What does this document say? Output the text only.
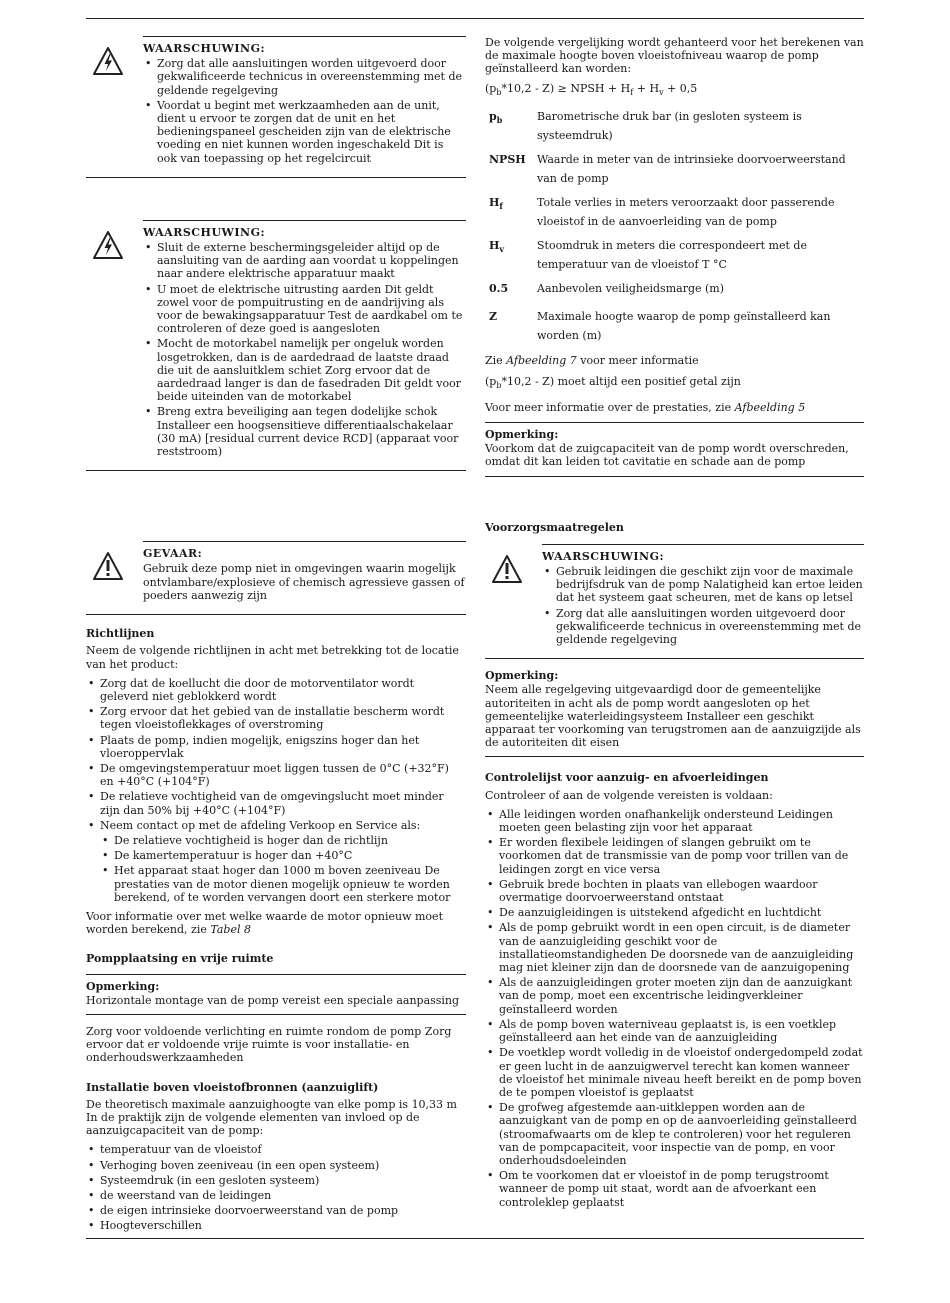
WAARSCHUWING:
• Zorg dat alle aansluitingen worden uitgevoerd door gekwalificeerde technicus in overeenstemming met de geldende regelgeving
• Voordat u begint met werkzaamheden aan de unit, dient u ervoor te zorgen dat de unit en het bedieningspaneel gescheiden zijn van de elektrische voeding en niet kunnen worden ingeschakeld Dit is ook van toepassing op het regelcircuit
WAARSCHUWING:
• Sluit de externe beschermingsgeleider altijd op de aansluiting van de aarding aan voordat u koppelingen naar andere elektrische apparatuur maakt
• U moet de elektrische uitrusting aarden Dit geldt zowel voor de pompuitrusting en de aandrijving als voor de bewakingsapparatuur Test de aardkabel om te controleren of deze goed is aangesloten
• Mocht de motorkabel namelijk per ongeluk worden losgetrokken, dan is de aardedraad de laatste draad die uit de aansluitklem schiet Zorg ervoor dat de aardedraad langer is dan de fasedraden Dit geldt voor beide uiteinden van de motorkabel
• Breng extra beveiliging aan tegen dodelijke schok Installeer een hoogsensitieve differentiaalschakelaar (30 mA) [residual current device RCD] (apparaat voor reststroom)
GEVAAR:

Gebruik deze pomp niet in omgevingen waarin mogelijk ontvlambare/explosieve of chemisch agressieve gassen of poeders aanwezig zijn

Richtlijnen

Neem de volgende richtlijnen in acht met betrekking tot de locatie van het product:

• Zorg dat de koellucht die door de motorventilator wordt geleverd niet geblokkerd wordt
• Zorg ervoor dat het gebied van de installatie bescherm wordt tegen vloeistoflekkages of overstroming
• Plaats de pomp, indien mogelijk, enigszins hoger dan het vloeroppervlak
• De omgevingstemperatuur moet liggen tussen de 0°C (+32°F) en +40°C (+104°F)
• De relatieve vochtigheid van de omgevingslucht moet minder zijn dan 50% bij +40°C (+104°F)
• Neem contact op met de afdeling Verkoop en Service als:
• De relatieve vochtigheid is hoger dan de richtlijn
• De kamertemperatuur is hoger dan +40°C
• Het apparaat staat hoger dan 1000 m boven zeeniveau De prestaties van de motor dienen mogelijk opnieuw te worden berekend, of te worden vervangen doort een sterkere motor

Voor informatie over met welke waarde de motor opnieuw moet worden berekend, zie Tabel 8

Pompplaatsing en vrije ruimte
Opmerking:
Horizontale montage van de pomp vereist een speciale aanpassing

Zorg voor voldoende verlichting en ruimte rondom de pomp Zorg ervoor dat er voldoende vrije ruimte is voor installatie- en onderhoudswerkzaamheden

Installatie boven vloeistofbronnen (aanzuiglift)

De theoretisch maximale aanzuighoogte van elke pomp is 10,33 m In de praktijk zijn de volgende elementen van invloed op de aanzuigcapaciteit van de pomp:

• temperatuur van de vloeistof
• Verhoging boven zeeniveau (in een open systeem)
• Systeemdruk (in een gesloten systeem)
• de weerstand van de leidingen
• de eigen intrinsieke doorvoerweerstand van de pomp
• Hoogteverschillen

De volgende vergelijking wordt gehanteerd voor het berekenen van de maximale hoogte boven vloeistofniveau waarop de pomp geïnstalleerd kan worden:

$(p_b*10,2 - Z)$ ≥ NPSH + $H_f + H_v + 0,5$

$p_b$	Barometrische druk bar (in gesloten systeem is systeemdruk)
NPSH	Waarde in meter van de intrinsieke doorvoerweerstand van de pomp
$H_f$	Totale verlies in meters veroorzaakt door passerende vloeistof in de aanvoerleiding van de pomp
$H_v$	Stoomdruk in meters die correspondeert met de temperatuur van de vloeistof T °C
0.5	Aanbevolen veiligheidsmarge (m)
Z	Maximale hoogte waarop de pomp geïnstalleerd kan worden (m)

Zie Afbeelding 7 voor meer informatie

$(p_b*10,2 - Z)$ moet altijd een positief getal zijn

Voor meer informatie over de prestaties, zie Afbeelding 5

Opmerking:
Voorkom dat de zuigcapaciteit van de pomp wordt overschreden, omdat dit kan leiden tot cavitatie en schade aan de pomp
Voorzorgsmaatregelen
WAARSCHUWING:
• Gebruik leidingen die geschikt zijn voor de maximale bedrijfsdruk van de pomp Nalatigheid kan ertoe leiden dat het systeem gaat scheuren, met de kans op letsel
• Zorg dat alle aansluitingen worden uitgevoerd door gekwalificeerde technicus in overeenstemming met de geldende regelgeving
Opmerking:
Neem alle regelgeving uitgevaardigd door de gemeentelijke autoriteiten in acht als de pomp wordt aangesloten op het gemeentelijke waterleidingsysteem Installeer een geschikt apparaat ter voorkoming van terugstromen aan de aanzuigzijde als de autoriteiten dit eisen
Controlelijst voor aanzuig- en afvoerleidingen

Controleer of aan de volgende vereisten is voldaan:

• Alle leidingen worden onafhankelijk ondersteund Leidingen moeten geen belasting zijn voor het apparaat
• Er worden flexibele leidingen of slangen gebruikt om te voorkomen dat de transmissie van de pomp voor trillen van de leidingen zorgt en vice versa
• Gebruik brede bochten in plaats van ellebogen waardoor overmatige doorvoerweerstand ontstaat
• De aanzuigleidingen is uitstekend afgedicht en luchtdicht
• Als de pomp gebruikt wordt in een open circuit, is de diameter van de aanzuigleiding geschikt voor de installatieomstandigheden De doorsnede van de aanzuigleiding mag niet kleiner zijn dan de doorsnede van de aanzuigopening
• Als de aanzuigleidingen groter moeten zijn dan de aanzuigkant van de pomp, moet een excentrische leidingverkleiner geïnstalleerd worden
• Als de pomp boven waterniveau geplaatst is, is een voetklep geïnstalleerd aan het einde van de aanzuigleiding
• De voetklep wordt volledig in de vloeistof ondergedompeld zodat er geen lucht in de aanzuigwervel terecht kan komen wanneer de vloeistof het minimale niveau heeft bereikt en de pomp boven de te pompen vloeistof is geplaatst
• De grofweg afgestemde aan-uitkleppen worden aan de aanzuigkant van de pomp en op de aanvoerleiding geïnstalleerd (stroomafwaarts om de klep te controleren) voor het reguleren van de pompcapaciteit, voor inspectie van de pomp, en voor onderhoudsdoeleinden
• Om te voorkomen dat er vloeistof in de pomp terugstroomt wanneer de pomp uit staat, wordt aan de afvoerkant een controleklep geplaatst
